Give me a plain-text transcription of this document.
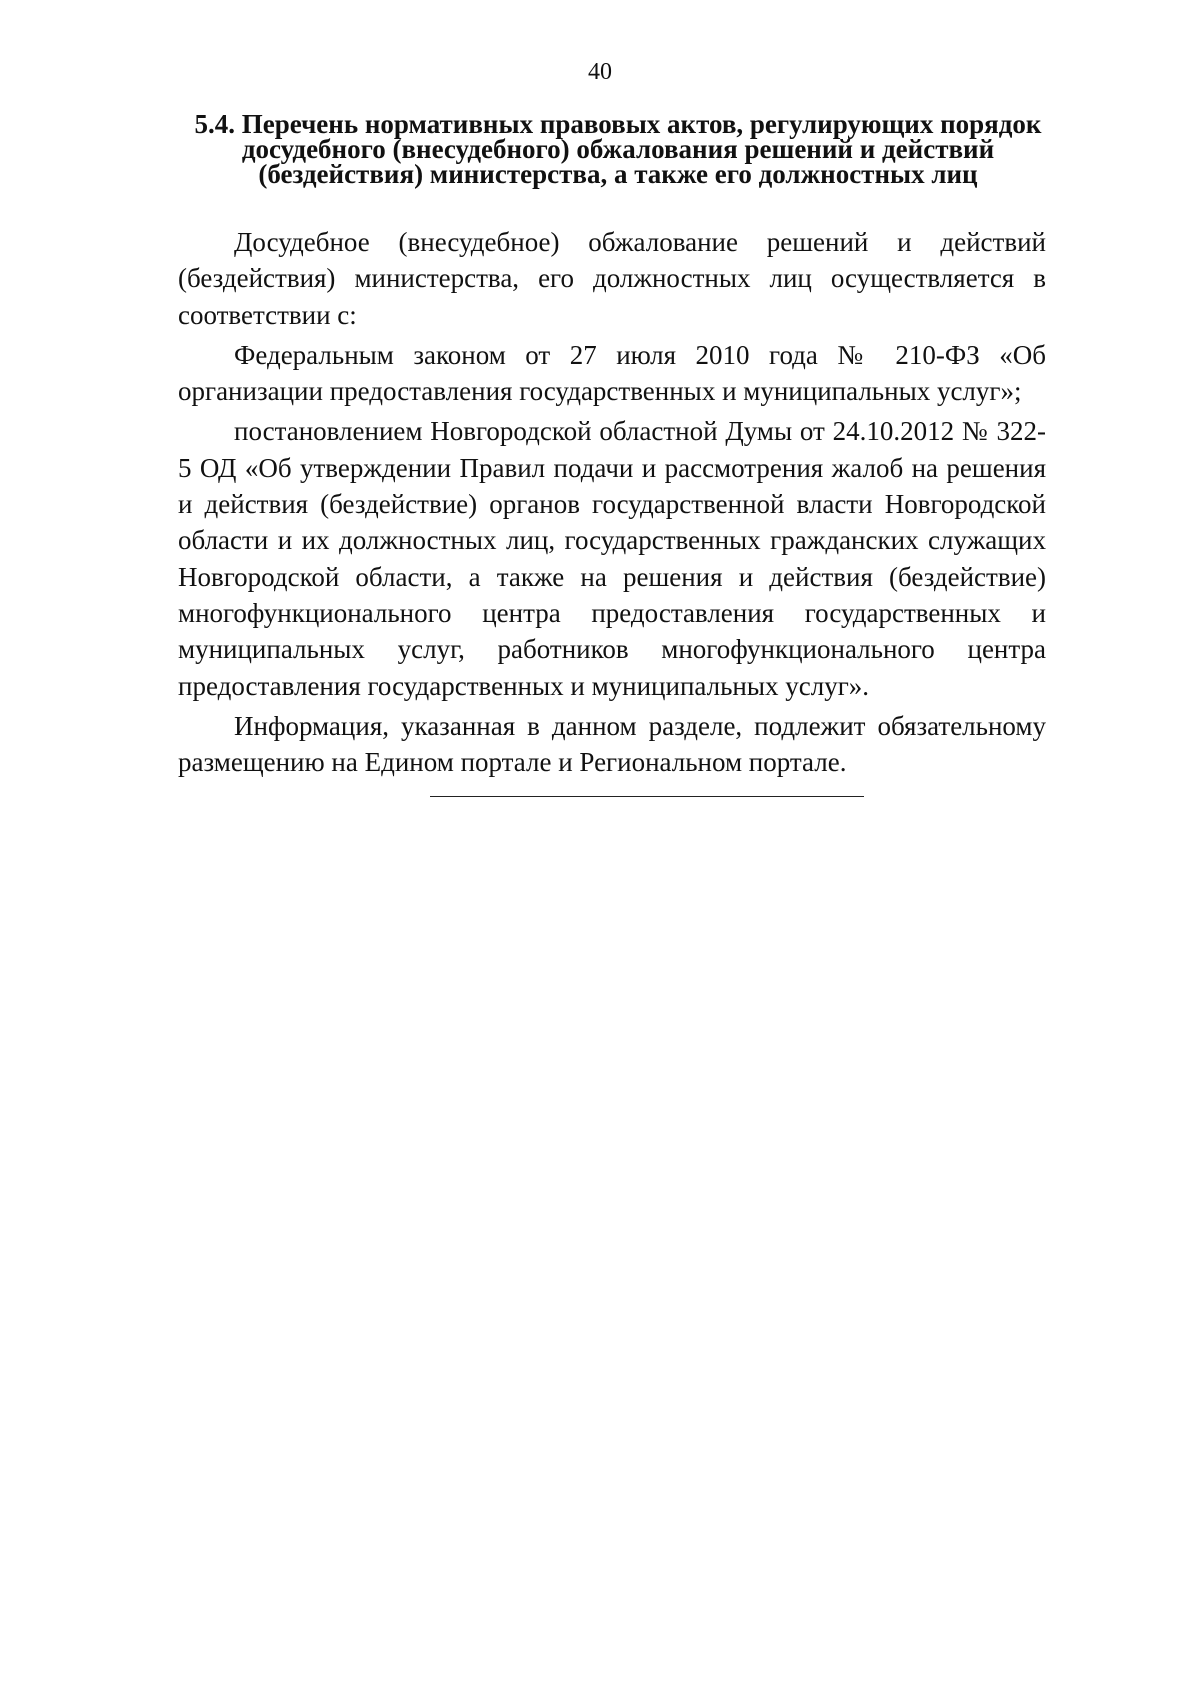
40
5.4. Перечень нормативных правовых актов, регулирующих порядок
досудебного (внесудебного) обжалования решений и действий
(бездействия) министерства, а также его должностных лиц

Досудебное (внесудебное) обжалование решений и действий (бездействия) министерства, его должностных лиц осуществляется в соответствии с:

Федеральным законом от 27 июля 2010 года № 210-ФЗ «Об организации предоставления государственных и муниципальных услуг»;

постановлением Новгородской областной Думы от 24.10.2012 № 322-5 ОД «Об утверждении Правил подачи и рассмотрения жалоб на решения и действия (бездействие) органов государственной власти Новгородской области и их должностных лиц, государственных гражданских служащих Новгородской области, а также на решения и действия (бездействие) многофункционального центра предоставления государственных и муниципальных услуг, работников многофункционального центра предоставления государственных и муниципальных услуг».

Информация, указанная в данном разделе, подлежит обязательному размещению на Едином портале и Региональном портале.
